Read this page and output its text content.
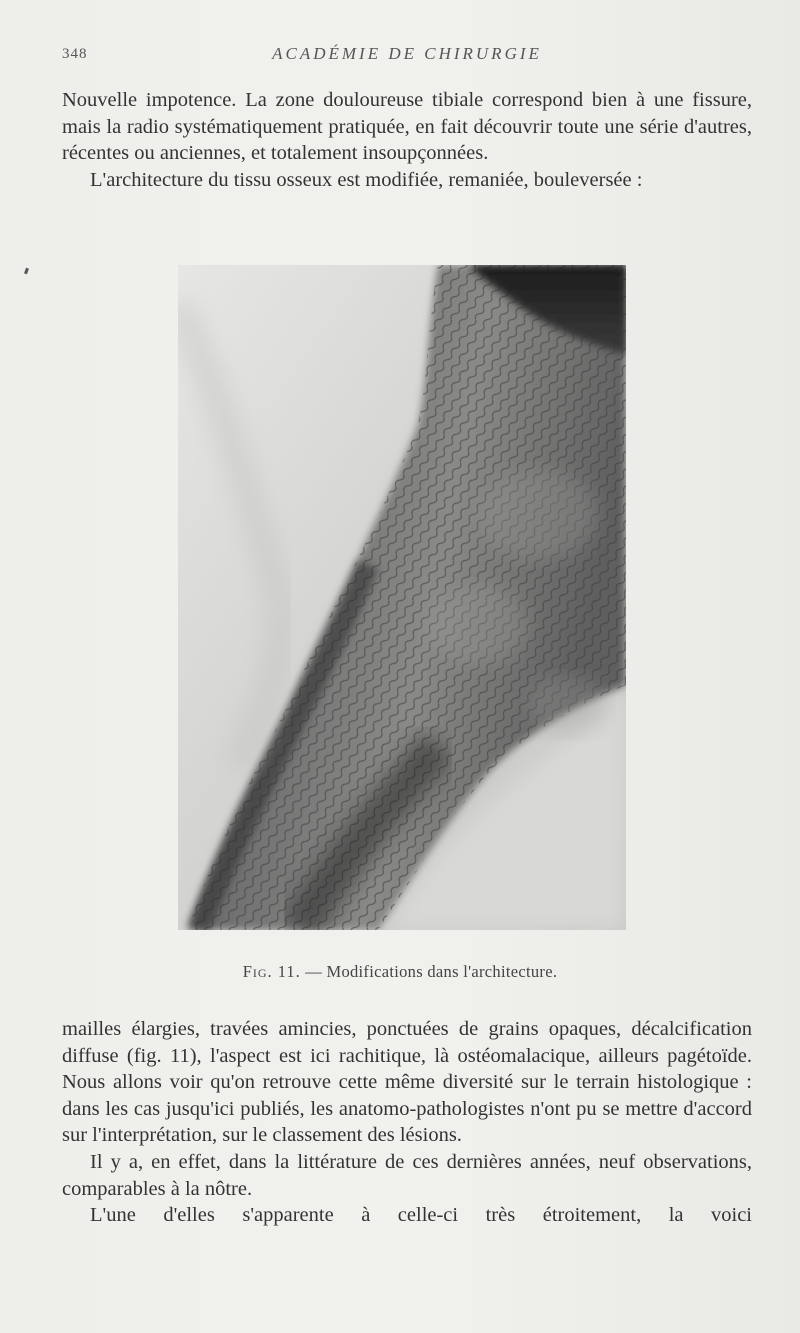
348	ACADÉMIE DE CHIRURGIE

Nouvelle impotence. La zone douloureuse tibiale correspond bien à une fissure, mais la radio systématiquement pratiquée, en fait découvrir toute une série d'autres, récentes ou anciennes, et totalement insoupçonnées.

L'architecture du tissu osseux est modifiée, remaniée, bouleversée :

Fig. 11. — Modifications dans l'architecture.

mailles élargies, travées amincies, ponctuées de grains opaques, décalcification diffuse (fig. 11), l'aspect est ici rachitique, là ostéomalacique, ailleurs pagétoïde. Nous allons voir qu'on retrouve cette même diversité sur le terrain histologique : dans les cas jusqu'ici publiés, les anatomo-pathologistes n'ont pu se mettre d'accord sur l'interprétation, sur le classement des lésions.

Il y a, en effet, dans la littérature de ces dernières années, neuf observations, comparables à la nôtre.

L'une d'elles s'apparente à celle-ci très étroitement, la voici
